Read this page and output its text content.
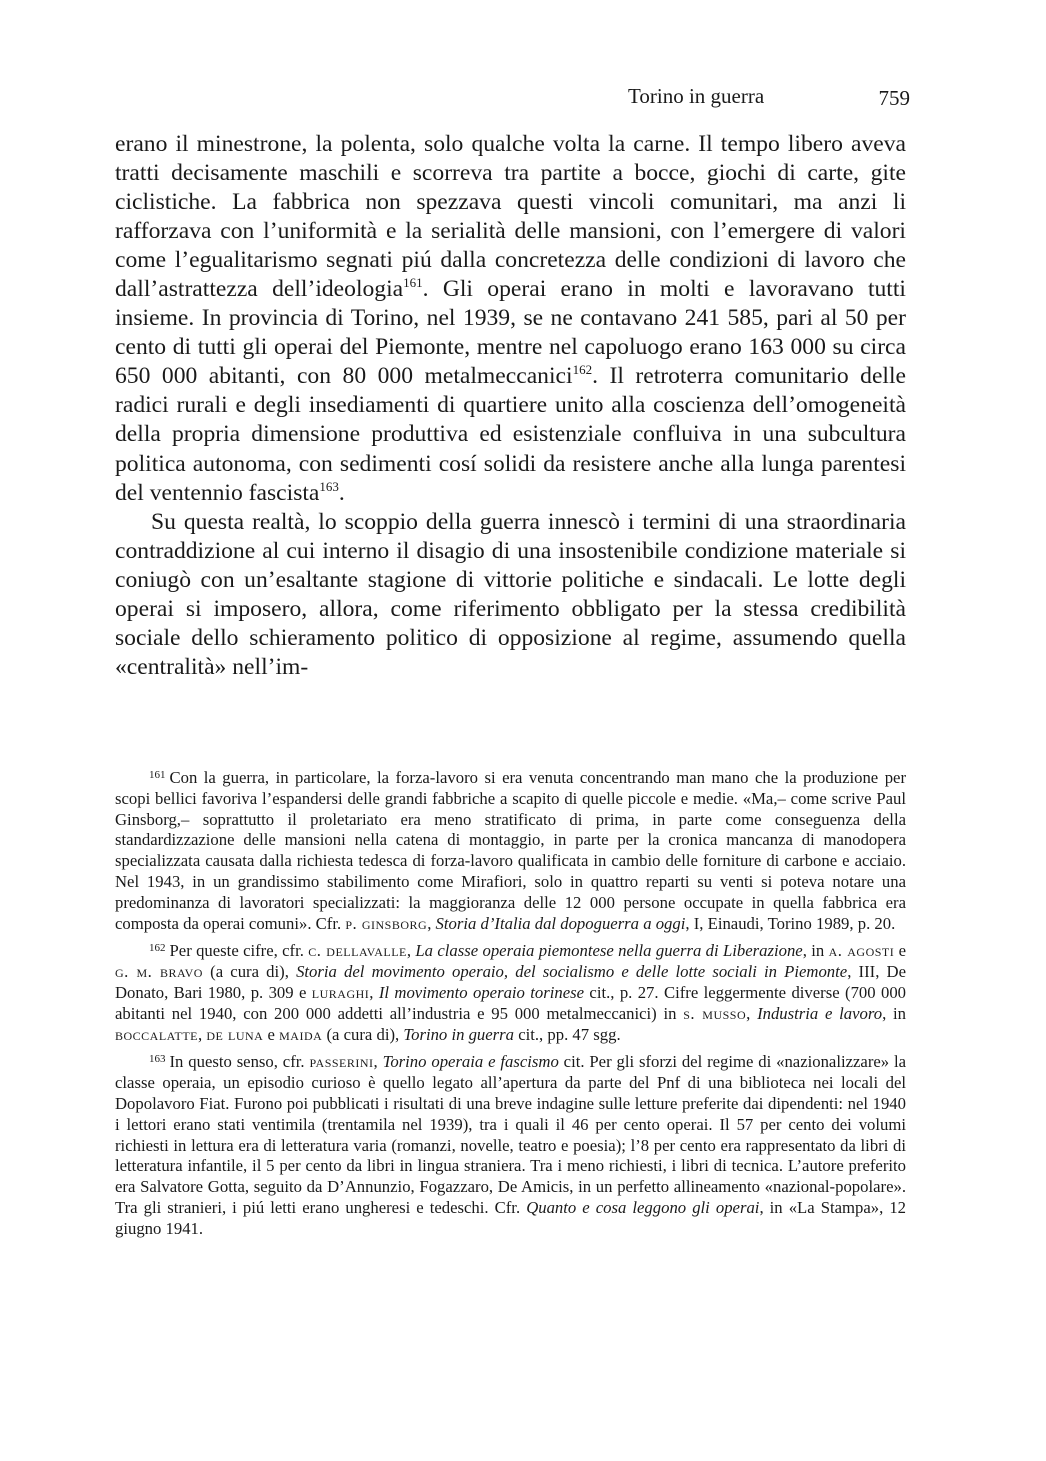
Torino in guerra	759

erano il minestrone, la polenta, solo qualche volta la carne. Il tempo libero aveva tratti decisamente maschili e scorreva tra partite a bocce, giochi di carte, gite ciclistiche. La fabbrica non spezzava questi vincoli comunitari, ma anzi li rafforzava con l’uniformità e la serialità delle mansioni, con l’emergere di valori come l’egualitarismo segnati piú dalla concretezza delle condizioni di lavoro che dall’astrattezza dell’ideologia$^{161}$. Gli operai erano in molti e lavoravano tutti insieme. In provincia di Torino, nel 1939, se ne contavano 241 585, pari al 50 per cento di tutti gli operai del Piemonte, mentre nel capoluogo erano 163 000 su circa 650 000 abitanti, con 80 000 metalmeccanici$^{162}$. Il retroterra comunitario delle radici rurali e degli insediamenti di quartiere unito alla coscienza dell’omogeneità della propria dimensione produttiva ed esistenziale confluiva in una subcultura politica autonoma, con sedimenti cosí solidi da resistere anche alla lunga parentesi del ventennio fascista$^{163}$.

Su questa realtà, lo scoppio della guerra innescò i termini di una straordinaria contraddizione al cui interno il disagio di una insostenibile condizione materiale si coniugò con un’esaltante stagione di vittorie politiche e sindacali. Le lotte degli operai si imposero, allora, come riferimento obbligato per la stessa credibilità sociale dello schieramento politico di opposizione al regime, assumendo quella «centralità» nell’im-

$^{161}$ Con la guerra, in particolare, la forza-lavoro si era venuta concentrando man mano che la produzione per scopi bellici favoriva l’espandersi delle grandi fabbriche a scapito di quelle piccole e medie. «Ma,– come scrive Paul Ginsborg,– soprattutto il proletariato era meno stratificato di prima, in parte come conseguenza della standardizzazione delle mansioni nella catena di montaggio, in parte per la cronica mancanza di manodopera specializzata causata dalla richiesta tedesca di forza-lavoro qualificata in cambio delle forniture di carbone e acciaio. Nel 1943, in un grandissimo stabilimento come Mirafiori, solo in quattro reparti su venti si poteva notare una predominanza di lavoratori specializzati: la maggioranza delle 12 000 persone occupate in quella fabbrica era composta da operai comuni». Cfr. p. ginsborg, Storia d’Italia dal dopoguerra a oggi, I, Einaudi, Torino 1989, p. 20.

$^{162}$ Per queste cifre, cfr. c. dellavalle, La classe operaia piemontese nella guerra di Liberazione, in a. agosti e g. m. bravo (a cura di), Storia del movimento operaio, del socialismo e delle lotte sociali in Piemonte, III, De Donato, Bari 1980, p. 309 e luraghi, Il movimento operaio torinese cit., p. 27. Cifre leggermente diverse (700 000 abitanti nel 1940, con 200 000 addetti all’industria e 95 000 metalmeccanici) in s. musso, Industria e lavoro, in boccalatte, de luna e maida (a cura di), Torino in guerra cit., pp. 47 sgg.

$^{163}$ In questo senso, cfr. passerini, Torino operaia e fascismo cit. Per gli sforzi del regime di «nazionalizzare» la classe operaia, un episodio curioso è quello legato all’apertura da parte del Pnf di una biblioteca nei locali del Dopolavoro Fiat. Furono poi pubblicati i risultati di una breve indagine sulle letture preferite dai dipendenti: nel 1940 i lettori erano stati ventimila (trentamila nel 1939), tra i quali il 46 per cento operai. Il 57 per cento dei volumi richiesti in lettura era di letteratura varia (romanzi, novelle, teatro e poesia); l’8 per cento era rappresentato da libri di letteratura infantile, il 5 per cento da libri in lingua straniera. Tra i meno richiesti, i libri di tecnica. L’autore preferito era Salvatore Gotta, seguito da D’Annunzio, Fogazzaro, De Amicis, in un perfetto allineamento «nazional-popolare». Tra gli stranieri, i piú letti erano ungheresi e tedeschi. Cfr. Quanto e cosa leggono gli operai, in «La Stampa», 12 giugno 1941.
